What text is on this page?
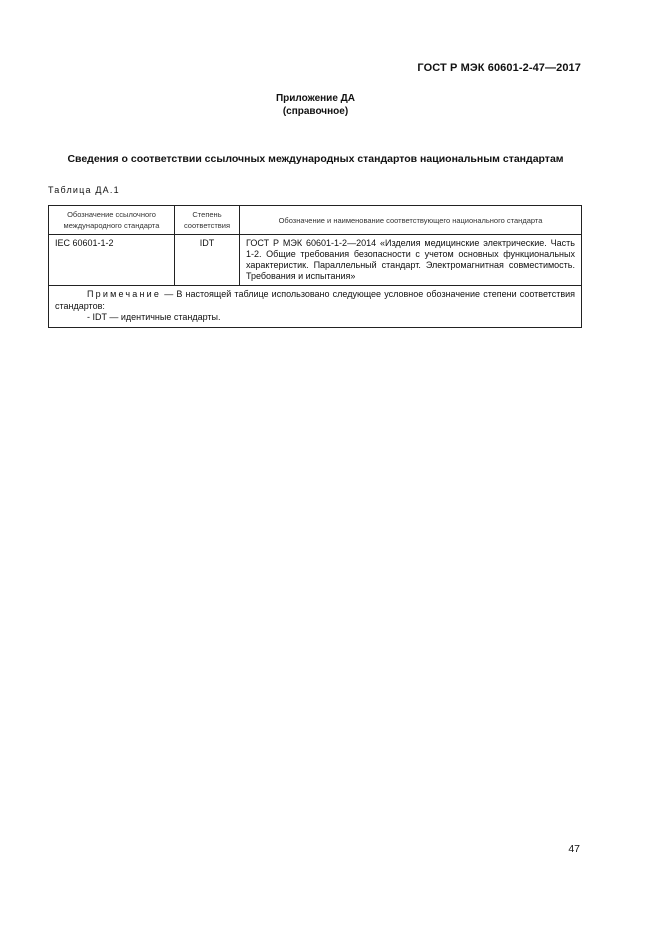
ГОСТ Р МЭК 60601-2-47—2017
Приложение ДА
(справочное)
Сведения о соответствии ссылочных международных стандартов национальным стандартам
Таблица ДА.1
Обозначение ссылочного международного стандарта	Степень соответствия	Обозначение и наименование соответствующего национального стандарта
IEC 60601-1-2	IDT	ГОСТ Р МЭК 60601-1-2—2014 «Изделия медицинские электрические. Часть 1-2. Общие требования безопасности с учетом основных функциональных характеристик. Параллельный стандарт. Электромагнитная совместимость. Требования и испытания»

Примечание — В настоящей таблице использовано следующее условное обозначение степени соответствия стандартов:
- IDT — идентичные стандарты.		
47
